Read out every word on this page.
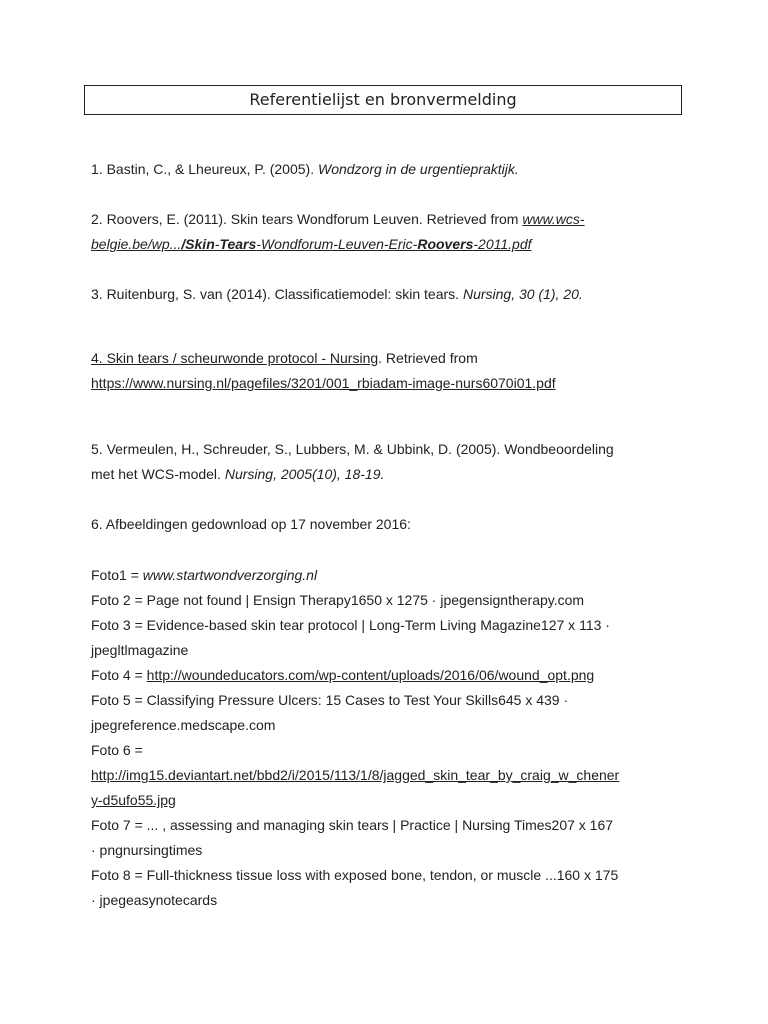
Referentielijst en bronvermelding
1. Bastin, C., & Lheureux, P. (2005). Wondzorg in de urgentiepraktijk.
2. Roovers, E. (2011). Skin tears Wondforum Leuven. Retrieved from www.wcs-
belgie.be/wp.../Skin-Tears-Wondforum-Leuven-Eric-Roovers-2011.pdf
3. Ruitenburg, S. van (2014). Classificatiemodel: skin tears. Nursing, 30 (1), 20.
4. Skin tears / scheurwonde protocol - Nursing. Retrieved from
https://www.nursing.nl/pagefiles/3201/001_rbiadam-image-nurs6070i01.pdf
5. Vermeulen, H., Schreuder, S., Lubbers, M. & Ubbink, D. (2005). Wondbeoordeling
met het WCS-model. Nursing, 2005(10), 18-19.
6. Afbeeldingen gedownload op 17 november 2016:
Foto1 = www.startwondverzorging.nl
Foto 2 = Page not found | Ensign Therapy1650 x 1275 · jpegensigntherapy.com
Foto 3 = Evidence-based skin tear protocol | Long-Term Living Magazine127 x 113 ·
jpegltlmagazine
Foto 4 = http://woundeducators.com/wp-content/uploads/2016/06/wound_opt.png
Foto 5 = Classifying Pressure Ulcers: 15 Cases to Test Your Skills645 x 439 ·
jpegreference.medscape.com
Foto 6 =
http://img15.deviantart.net/bbd2/i/2015/113/1/8/jagged_skin_tear_by_craig_w_chener
y-d5ufo55.jpg
Foto 7 = ... , assessing and managing skin tears | Practice | Nursing Times207 x 167
· pngnursingtimes
Foto 8 = Full-thickness tissue loss with exposed bone, tendon, or muscle ...160 x 175
· jpegeasynotecards
